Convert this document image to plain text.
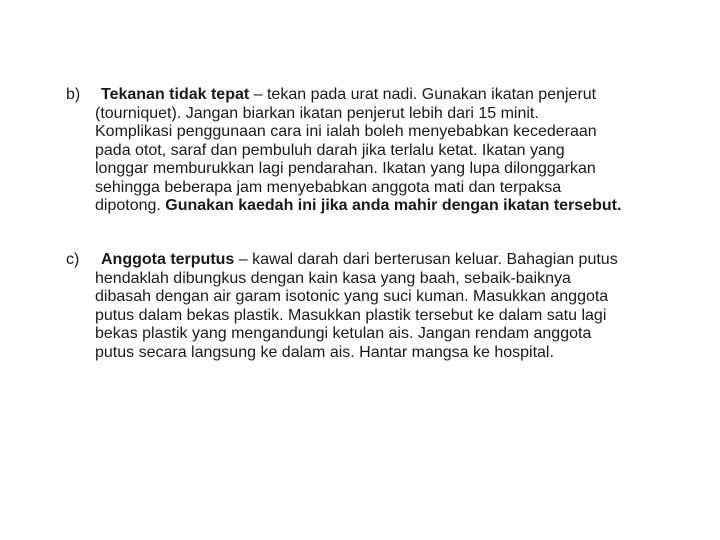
b) Tekanan tidak tepat – tekan pada urat nadi. Gunakan ikatan penjerut
(tourniquet). Jangan biarkan ikatan penjerut lebih dari 15 minit.
Komplikasi penggunaan cara ini ialah boleh menyebabkan kecederaan
pada otot, saraf dan pembuluh darah jika terlalu ketat. Ikatan yang
longgar memburukkan lagi pendarahan. Ikatan yang lupa dilonggarkan
sehingga beberapa jam menyebabkan anggota mati dan terpaksa
dipotong. Gunakan kaedah ini jika anda mahir dengan ikatan tersebut.
c) Anggota terputus – kawal darah dari berterusan keluar. Bahagian putus
hendaklah dibungkus dengan kain kasa yang baah, sebaik-baiknya
dibasah dengan air garam isotonic yang suci kuman. Masukkan anggota
putus dalam bekas plastik. Masukkan plastik tersebut ke dalam satu lagi
bekas plastik yang mengandungi ketulan ais. Jangan rendam anggota
putus secara langsung ke dalam ais. Hantar mangsa ke hospital.
